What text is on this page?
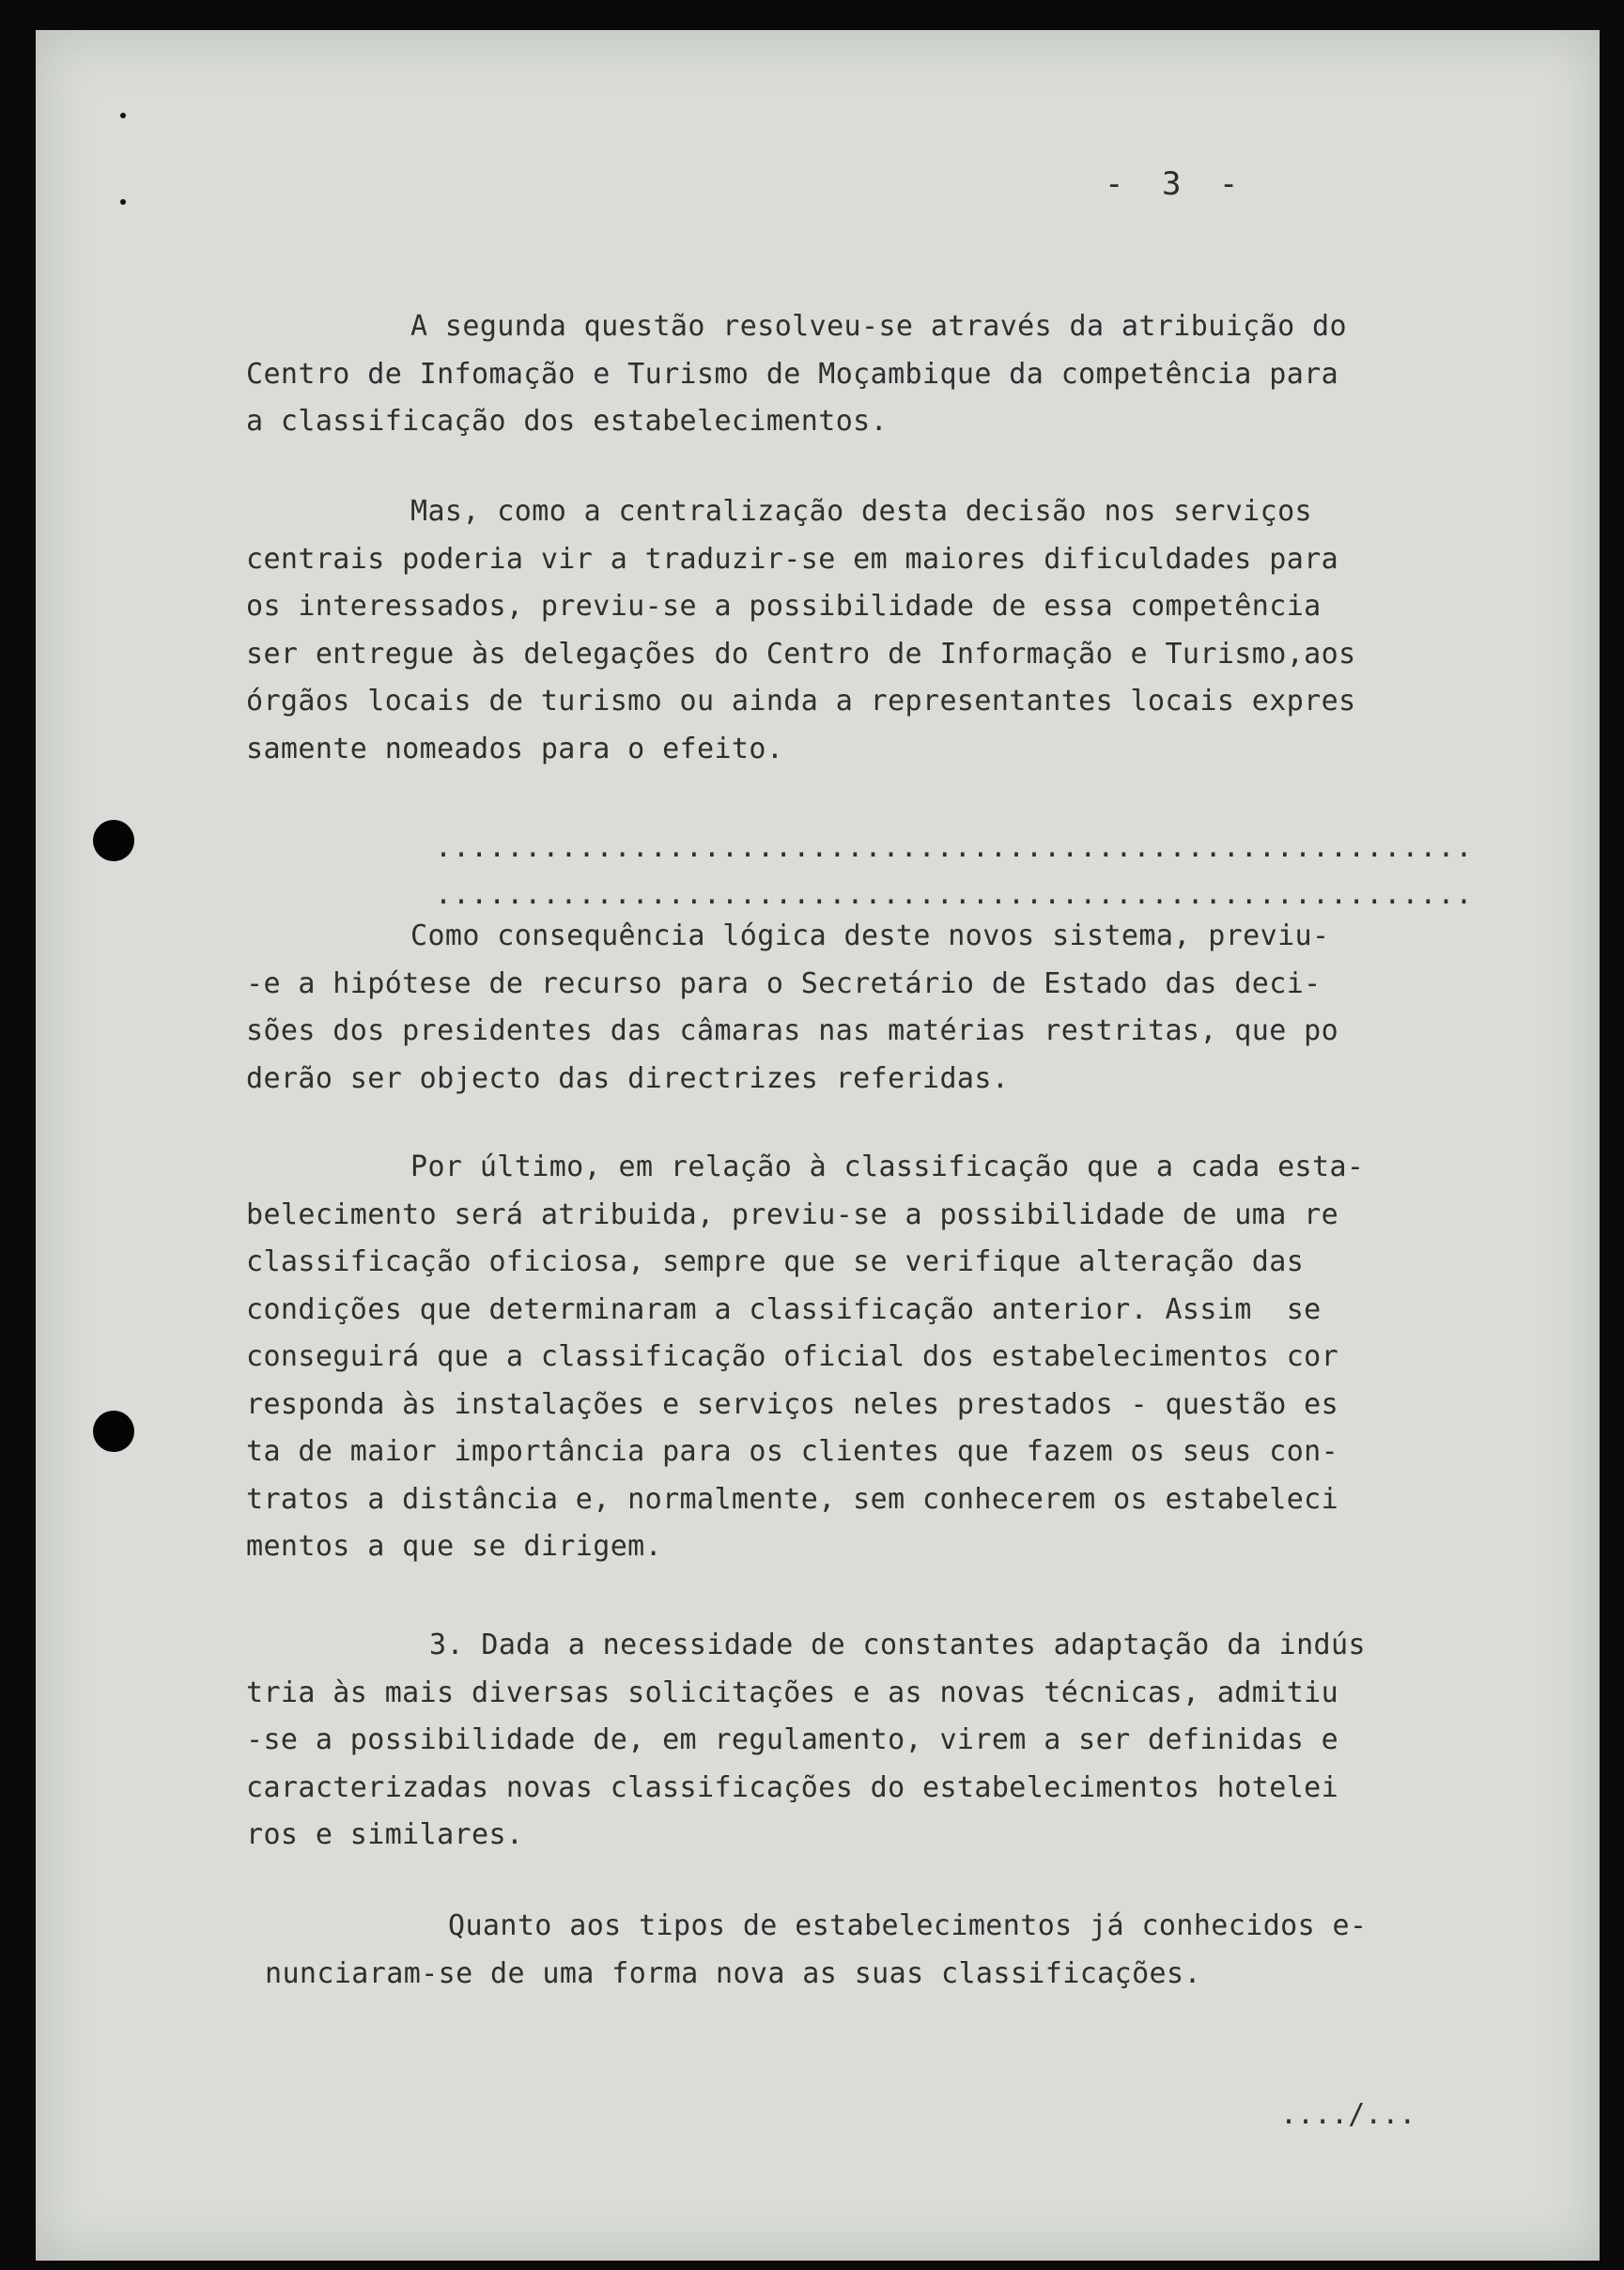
- 3 -

A segunda questão resolveu-se através da atribuição do
Centro de Infomação e Turismo de Moçambique da competência para
a classificação dos estabelecimentos.

Mas, como a centralização desta decisão nos serviços
centrais poderia vir a traduzir-se em maiores dificuldades para
os interessados, previu-se a possibilidade de essa competência
ser entregue às delegações do Centro de Informação e Turismo,aos
órgãos locais de turismo ou ainda a representantes locais expres
samente nomeados para o efeito.

..........................................................

..........................................................

Como consequência lógica deste novos sistema, previu-
-e a hipótese de recurso para o Secretário de Estado das deci-
sões dos presidentes das câmaras nas matérias restritas, que po
derão ser objecto das directrizes referidas.

Por último, em relação à classificação que a cada esta-
belecimento será atribuida, previu-se a possibilidade de uma re
classificação oficiosa, sempre que se verifique alteração das
condições que determinaram a classificação anterior. Assim  se
conseguirá que a classificação oficial dos estabelecimentos cor
responda às instalações e serviços neles prestados - questão es
ta de maior importância para os clientes que fazem os seus con-
tratos a distância e, normalmente, sem conhecerem os estabeleci
mentos a que se dirigem.

3. Dada a necessidade de constantes adaptação da indús
tria às mais diversas solicitações e as novas técnicas, admitiu
-se a possibilidade de, em regulamento, virem a ser definidas e
caracterizadas novas classificações do estabelecimentos hotelei
ros e similares.

Quanto aos tipos de estabelecimentos já conhecidos e-
nunciaram-se de uma forma nova as suas classificações.

..../...
